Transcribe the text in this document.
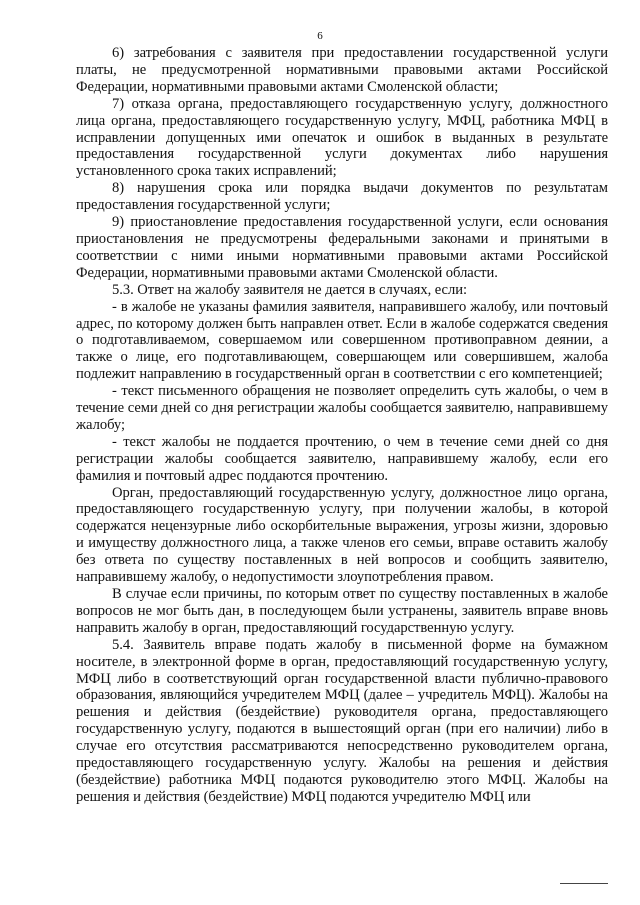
6

6) затребования с заявителя при предоставлении государственной услуги платы, не предусмотренной нормативными правовыми актами Российской Федерации, нормативными правовыми актами Смоленской области;

7) отказа органа, предоставляющего государственную услугу, должностного лица органа, предоставляющего государственную услугу, МФЦ, работника МФЦ в исправлении допущенных ими опечаток и ошибок в выданных в результате предоставления государственной услуги документах либо нарушения установленного срока таких исправлений;

8) нарушения срока или порядка выдачи документов по результатам предоставления государственной услуги;

9) приостановление предоставления государственной услуги, если основания приостановления не предусмотрены федеральными законами и принятыми в соответствии с ними иными нормативными правовыми актами Российской Федерации, нормативными правовыми актами Смоленской области.

5.3. Ответ на жалобу заявителя не дается в случаях, если:

- в жалобе не указаны фамилия заявителя, направившего жалобу, или почтовый адрес, по которому должен быть направлен ответ. Если в жалобе содержатся сведения о подготавливаемом, совершаемом или совершенном противоправном деянии, а также о лице, его подготавливающем, совершающем или совершившем, жалоба подлежит направлению в государственный орган в соответствии с его компетенцией;

- текст письменного обращения не позволяет определить суть жалобы, о чем в течение семи дней со дня регистрации жалобы сообщается заявителю, направившему жалобу;

- текст жалобы не поддается прочтению, о чем в течение семи дней со дня регистрации жалобы сообщается заявителю, направившему жалобу, если его фамилия и почтовый адрес поддаются прочтению.

Орган, предоставляющий государственную услугу, должностное лицо органа, предоставляющего государственную услугу, при получении жалобы, в которой содержатся нецензурные либо оскорбительные выражения, угрозы жизни, здоровью и имуществу должностного лица, а также членов его семьи, вправе оставить жалобу без ответа по существу поставленных в ней вопросов и сообщить заявителю, направившему жалобу, о недопустимости злоупотребления правом.

В случае если причины, по которым ответ по существу поставленных в жалобе вопросов не мог быть дан, в последующем были устранены, заявитель вправе вновь направить жалобу в орган, предоставляющий государственную услугу.

5.4. Заявитель вправе подать жалобу в письменной форме на бумажном носителе, в электронной форме в орган, предоставляющий государственную услугу, МФЦ либо в соответствующий орган государственной власти публично-правового образования, являющийся учредителем МФЦ (далее – учредитель МФЦ). Жалобы на решения и действия (бездействие) руководителя органа, предоставляющего государственную услугу, подаются в вышестоящий орган (при его наличии) либо в случае его отсутствия рассматриваются непосредственно руководителем органа, предоставляющего государственную услугу. Жалобы на решения и действия (бездействие) работника МФЦ подаются руководителю этого МФЦ. Жалобы на решения и действия (бездействие) МФЦ подаются учредителю МФЦ или
